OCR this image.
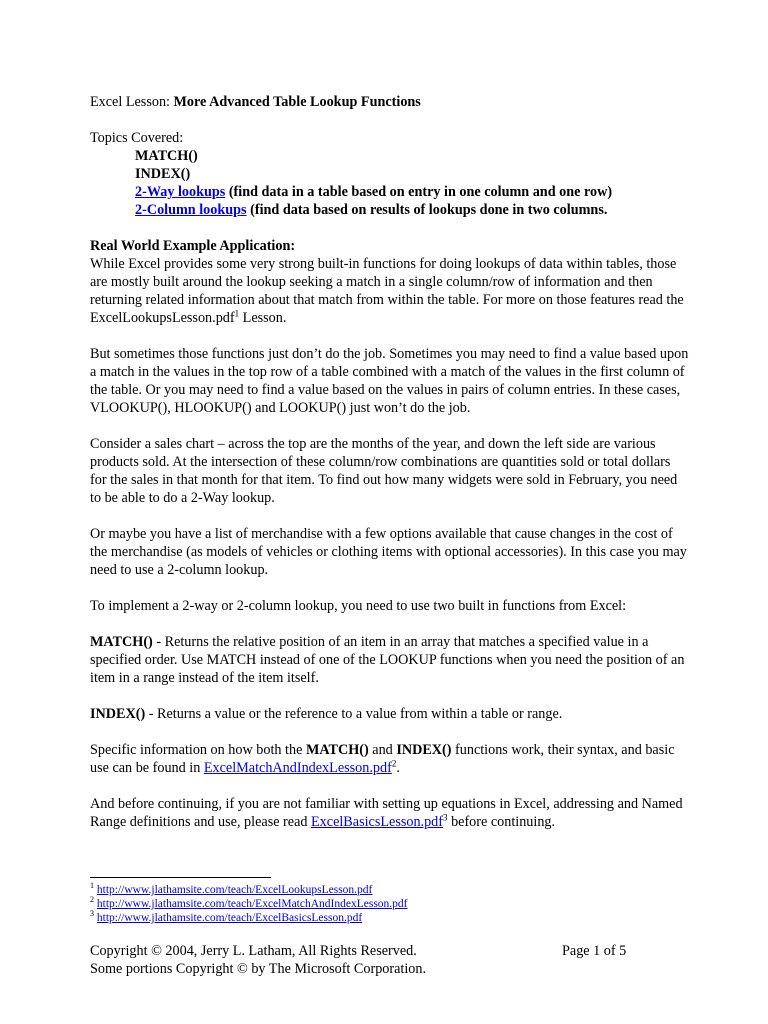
Excel Lesson: More Advanced Table Lookup Functions

Topics Covered:

MATCH()

INDEX()

2-Way lookups (find data in a table based on entry in one column and one row)

2-Column lookups (find data based on results of lookups done in two columns.

Real World Example Application:

While Excel provides some very strong built-in functions for doing lookups of data within tables, those are mostly built around the lookup seeking a match in a single column/row of information and then returning related information about that match from within the table. For more on those features read the ExcelLookupsLesson.pdf$^1$ Lesson.

But sometimes those functions just don’t do the job. Sometimes you may need to find a value based upon a match in the values in the top row of a table combined with a match of the values in the first column of the table. Or you may need to find a value based on the values in pairs of column entries. In these cases, VLOOKUP(), HLOOKUP() and LOOKUP() just won’t do the job.

Consider a sales chart – across the top are the months of the year, and down the left side are various products sold. At the intersection of these column/row combinations are quantities sold or total dollars for the sales in that month for that item. To find out how many widgets were sold in February, you need to be able to do a 2-Way lookup.

Or maybe you have a list of merchandise with a few options available that cause changes in the cost of the merchandise (as models of vehicles or clothing items with optional accessories). In this case you may need to use a 2-column lookup.

To implement a 2-way or 2-column lookup, you need to use two built in functions from Excel:

MATCH() - Returns the relative position of an item in an array that matches a specified value in a specified order. Use MATCH instead of one of the LOOKUP functions when you need the position of an item in a range instead of the item itself.

INDEX() - Returns a value or the reference to a value from within a table or range.

Specific information on how both the MATCH() and INDEX() functions work, their syntax, and basic use can be found in ExcelMatchAndIndexLesson.pdf$^2$.

And before continuing, if you are not familiar with setting up equations in Excel, addressing and Named Range definitions and use, please read ExcelBasicsLesson.pdf$^3$ before continuing.

$^1$ http://www.jlathamsite.com/teach/ExcelLookupsLesson.pdf
$^2$ http://www.jlathamsite.com/teach/ExcelMatchAndIndexLesson.pdf
$^3$ http://www.jlathamsite.com/teach/ExcelBasicsLesson.pdf
Copyright © 2004, Jerry L. Latham, All Rights Reserved.	Page 1 of 5
Some portions Copyright © by The Microsoft Corporation.
